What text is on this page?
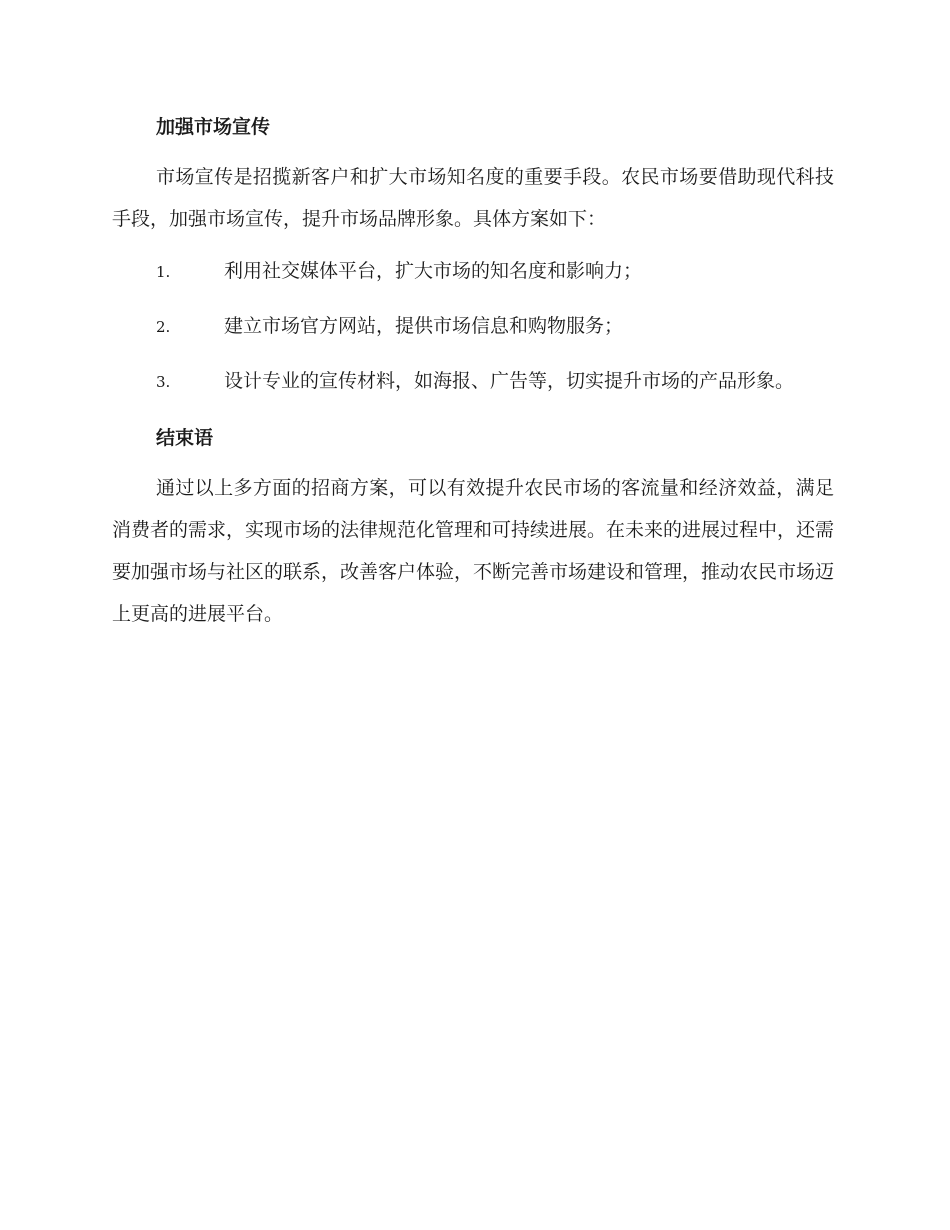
加强市场宣传

市场宣传是招揽新客户和扩大市场知名度的重要手段。农民市场要借助现代科技手段，加强市场宣传，提升市场品牌形象。具体方案如下：

1.	利用社交媒体平台，扩大市场的知名度和影响力；
2.	建立市场官方网站，提供市场信息和购物服务；
3.	设计专业的宣传材料，如海报、广告等，切实提升市场的产品形象。
结束语

通过以上多方面的招商方案，可以有效提升农民市场的客流量和经济效益，满足消费者的需求，实现市场的法律规范化管理和可持续进展。在未来的进展过程中，还需要加强市场与社区的联系，改善客户体验，不断完善市场建设和管理，推动农民市场迈上更高的进展平台。
